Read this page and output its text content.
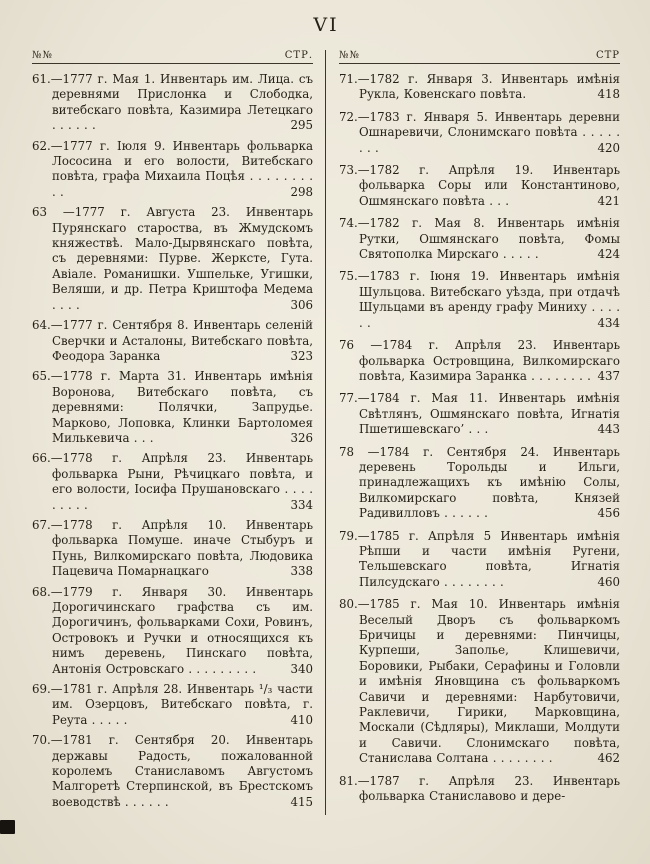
VI
№№	СТР.
61.—1777 г. Мая 1. Инвентарь им. Лица. съ деревнями Прислонка и Слободка, витебскаго повѣта, Казимира Летецкаго . . . . . .	295
62.—1777 г. Іюля 9. Инвентарь фольварка Лососина и его волости, Витебскаго повѣта, графа Михаила Поцѣя . . . . . . . . . .	298
63 —1777 г. Августа 23. Инвентарь Пурянскаго староства, въ Жмудскомъ княжествѣ. Мало-Дырвянскаго повѣта, съ деревнями: Пурве. Жерксте, Гута. Авіале. Романишки. Ушпельке, Угишки, Веляши, и др. Петра Криштофа Медема . . . .	306
64.—1777 г. Сентября 8. Инвентарь селеній Сверчки и Асталоны, Витебскаго повѣта, Феодора Заранка	323
65.—1778 г. Марта 31. Инвентарь имѣнія Воронова, Витебскаго повѣта, съ деревнями: Полячки, Запрудье. Марково, Лоповка, Клинки Бартоломея Милькевича . . .	326
66.—1778 г. Апрѣля 23. Инвентарь фольварка Рыни, Рѣчицкаго повѣта, и его волости, Іосифа Прушановскаго . . . . . . . . .	334
67.—1778 г. Апрѣля 10. Инвентарь фольварка Помуше. иначе Стыбуръ и Пунь, Вилкомирскаго повѣта, Людовика Пацевича Помарнацкаго	338
68.—1779 г. Января 30. Инвентарь Дорогичинскаго графства съ им. Дорогичинъ, фольварками Сохи, Ровинъ, Островокъ и Ручки и относящихся къ нимъ деревень, Пинскаго повѣта, Антонія Островскаго . . . . . . . . .	340
69.—1781 г. Апрѣля 28. Инвентарь ¹/₃ части им. Озерцовъ, Витебскаго повѣта, г. Реута . . . . .	410
70.—1781 г. Сентября 20. Инвентарь державы Радость, пожалованной королемъ Станиславомъ Августомъ Малгоретѣ Стерпинской, въ Брестскомъ воеводствѣ . . . . . .	415
№№	СТР
71.—1782 г. Января 3. Инвентарь имѣнія Рукла, Ковенскаго повѣта.	418
72.—1783 г. Января 5. Инвентарь деревни Ошнаревичи, Слонимскаго повѣта . . . . . . . .	420
73.—1782 г. Апрѣля 19. Инвентарь фольварка Соры или Константиново, Ошмянскаго повѣта . . .	421
74.—1782 г. Мая 8. Инвентарь имѣнія Рутки, Ошмянскаго повѣта, Фомы Святополка Мирскаго . . . . .	424
75.—1783 г. Іюня 19. Инвентарь имѣнія Шульцова. Витебскаго уѣзда, при отдачѣ Шульцами въ аренду графу Миниху . . . . . .	434
76 —1784 г. Апрѣля 23. Инвентарь фольварка Островщина, Вилкомирскаго повѣта, Казимира Заранка . . . . . . . . 437
77.—1784 г. Мая 11. Инвентарь имѣнія Свѣтлянъ, Ошмянскаго повѣта, Игнатія Пшетишевскаго’ . . .	443
78 —1784 г. Сентября 24. Инвентарь деревень Торольды и Ильги, принадлежащихъ къ имѣнію Солы, Вилкомирскаго повѣта, Князей Радивилловъ . . . . . .	456
79.—1785 г. Апрѣля 5 Инвентарь имѣнія Рѣпши и части имѣнія Ругени, Тельшевскаго повѣта, Игнатія Пилсудскаго . . . . . . . .	460
80.—1785 г. Мая 10. Инвентарь имѣнія Веселый Дворъ съ фольваркомъ Бричицы и деревнями: Пинчицы, Курпеши, Заполье, Клишевичи, Боровики, Рыбаки, Серафины и Головли и имѣнія Яновщина съ фольваркомъ Савичи и деревнями: Нарбутовичи, Раклевичи, Гирики, Марковщина, Москали (Сѣдляры), Миклаши, Молдути и Савичи. Слонимскаго повѣта, Станислава Солтана . . . . . . . .	462
81.—1787 г. Апрѣля 23. Инвентарь фольварка Станиславово и дере-
